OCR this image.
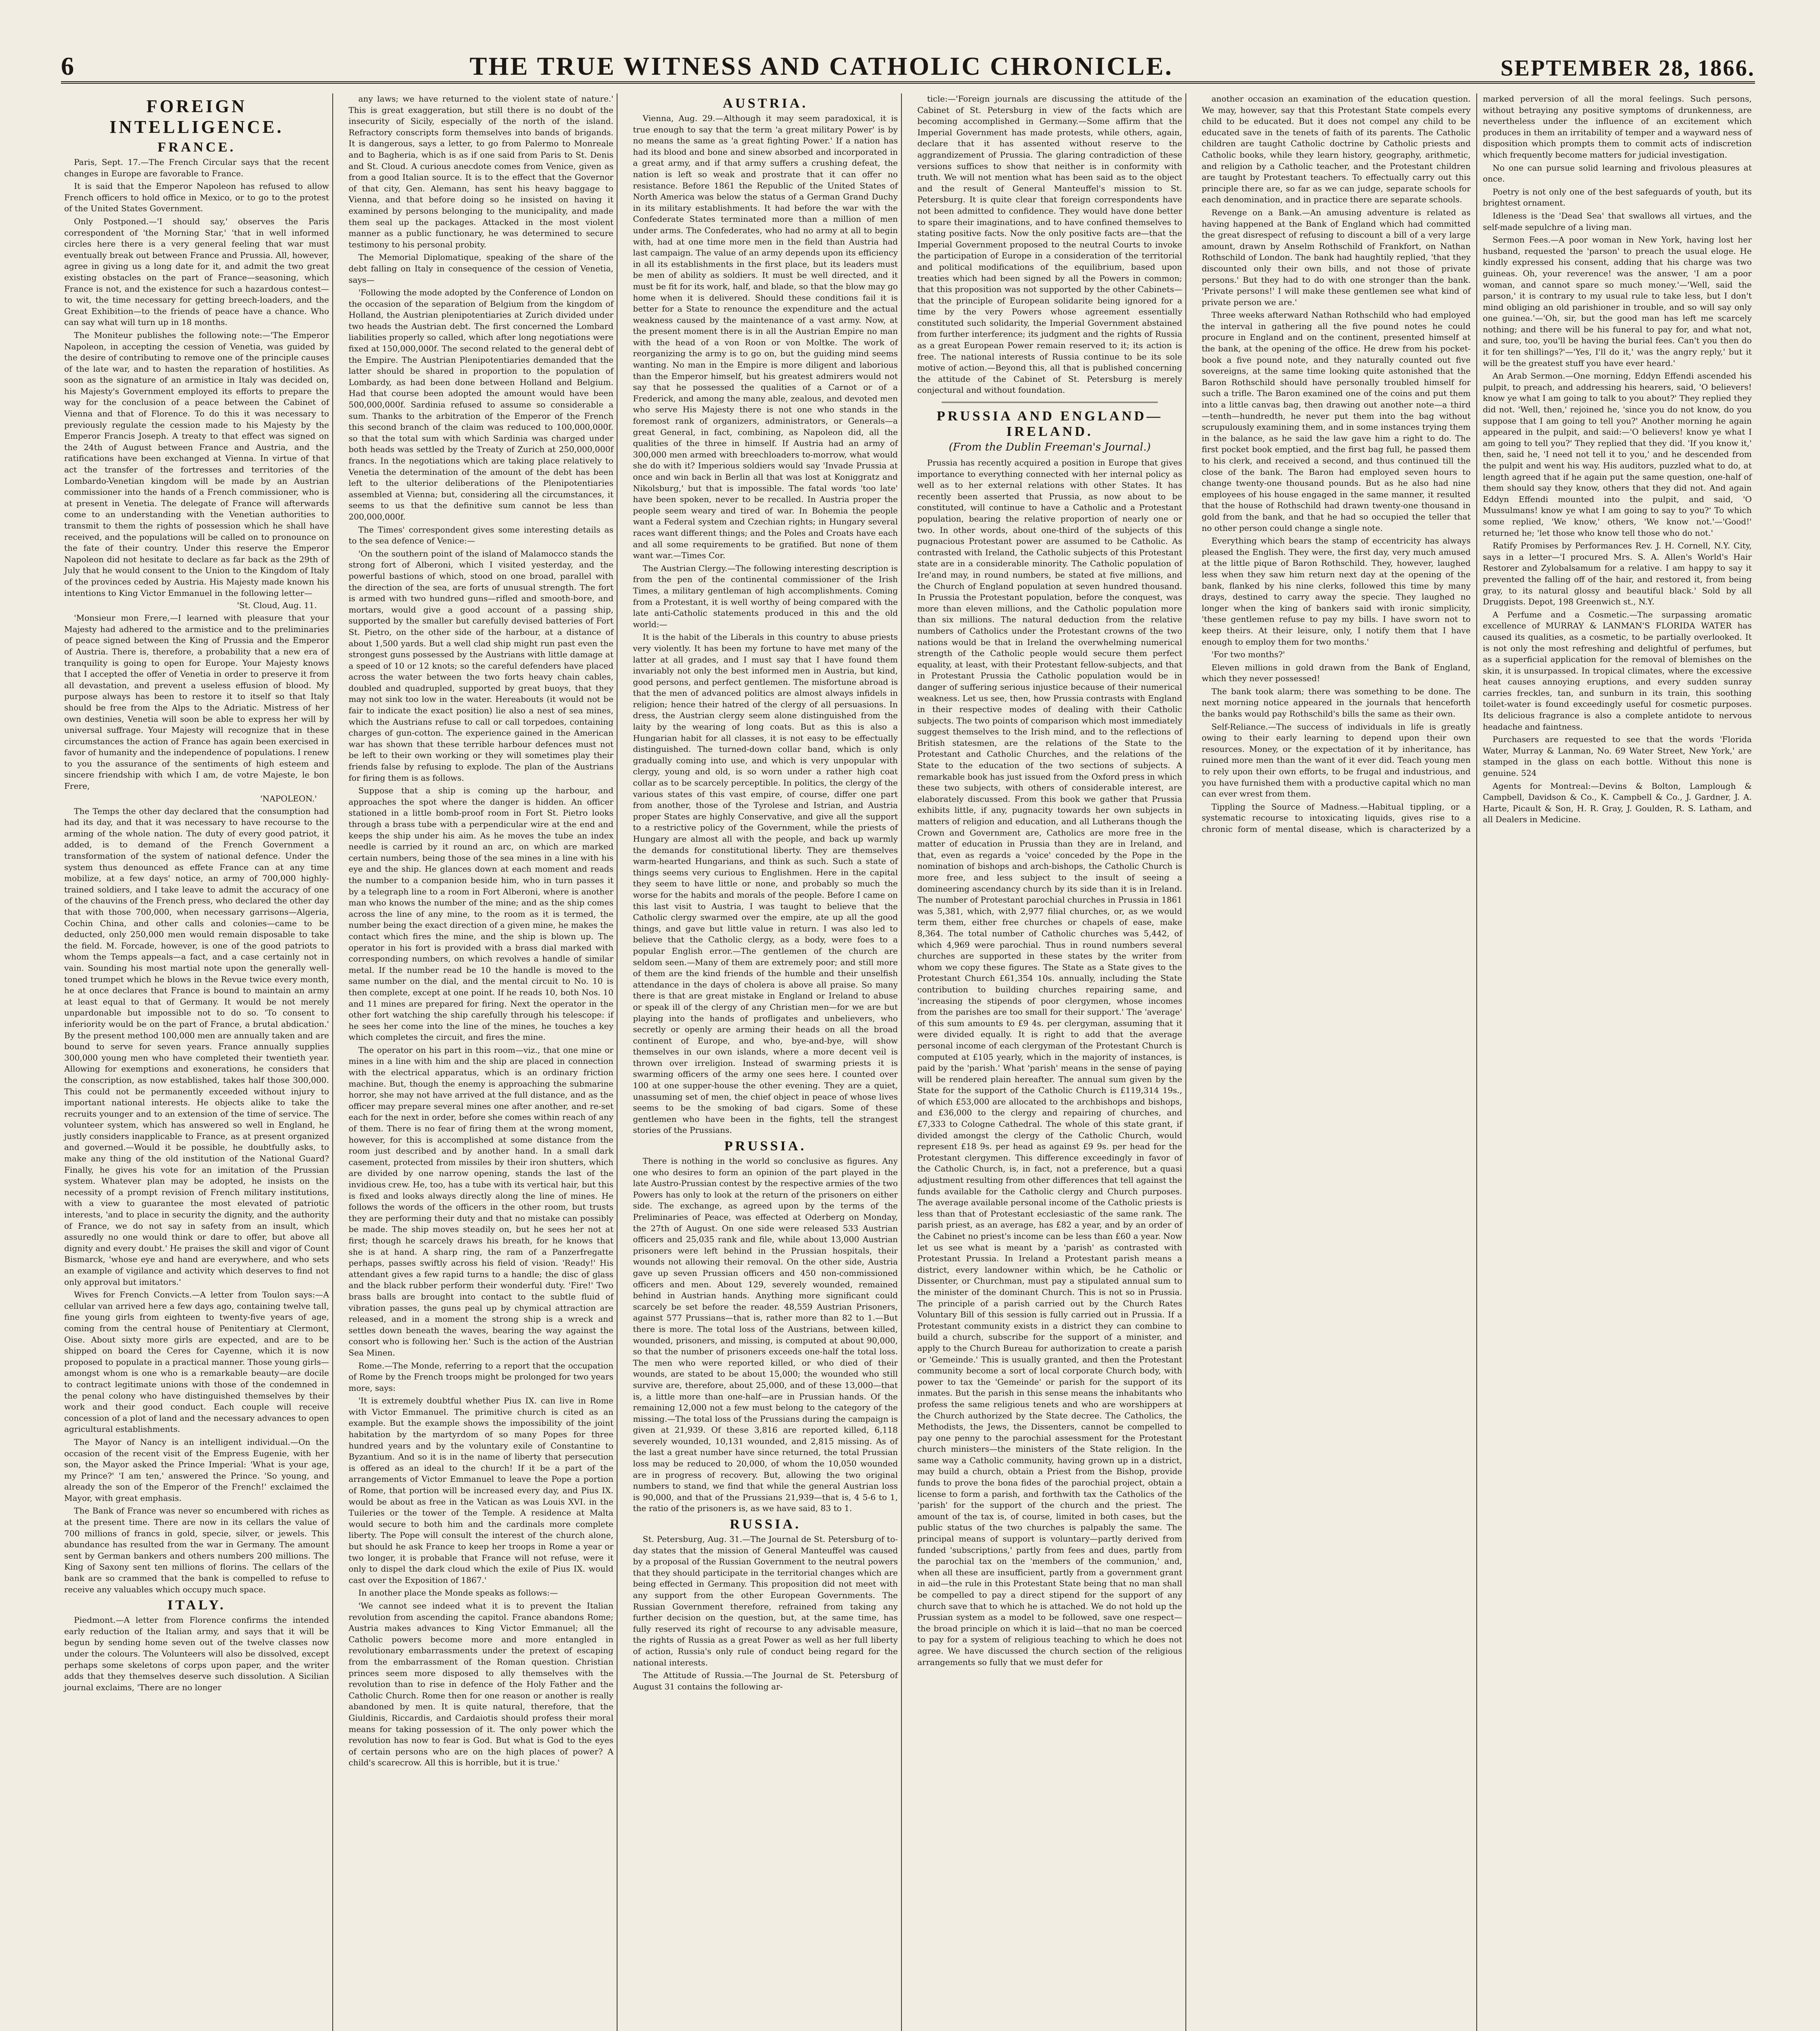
6	THE TRUE WITNESS AND CATHOLIC CHRONICLE.	SEPTEMBER 28, 1866.
FOREIGN INTELLIGENCE.
FRANCE.

Paris, Sept. 17.—The French Circular says that the recent changes in Europe are favorable to France.

It is said that the Emperor Napoleon has refused to allow French officers to hold office in Mexico, or to go to the protest of the United States Government.

Only Postponed.—'I should say,' observes the Paris correspondent of 'the Morning Star,' 'that in well informed circles here there is a very general feeling that war must eventually break out between France and Prussia. All, however, agree in giving us a long date for it, and admit the two great existing obstacles on the part of France—seasoning, which France is not, and the existence for such a hazardous contest—to wit, the time necessary for getting breech-loaders, and the Great Exhibition—to the friends of peace have a chance. Who can say what will turn up in 18 months.

The Moniteur publishes the following note:—'The Emperor Napoleon, in accepting the cession of Venetia, was guided by the desire of contributing to remove one of the principle causes of the late war, and to hasten the reparation of hostilities. As soon as the signature of an armistice in Italy was decided on, his Majesty's Government employed its efforts to prepare the way for the conclusion of a peace between the Cabinet of Vienna and that of Florence. To do this it was necessary to previously regulate the cession made to his Majesty by the Emperor Francis Joseph. A treaty to that effect was signed on the 24th of August between France and Austria, and the ratifications have been exchanged at Vienna. In virtue of that act the transfer of the fortresses and territories of the Lombardo-Venetian kingdom will be made by an Austrian commissioner into the hands of a French commissioner, who is at present in Venetia. The delegate of France will afterwards come to an understanding with the Venetian authorities to transmit to them the rights of possession which he shall have received, and the populations will be called on to pronounce on the fate of their country. Under this reserve the Emperor Napoleon did not hesitate to declare as far back as the 29th of July that he would consent to the Union to the Kingdom of Italy of the provinces ceded by Austria. His Majesty made known his intentions to King Victor Emmanuel in the following letter—

'St. Cloud, Aug. 11.

'Monsieur mon Frere,—I learned with pleasure that your Majesty had adhered to the armistice and to the preliminaries of peace signed between the King of Prussia and the Emperor of Austria. There is, therefore, a probability that a new era of tranquility is going to open for Europe. Your Majesty knows that I accepted the offer of Venetia in order to preserve it from all devastation, and prevent a useless effusion of blood. My purpose always has been to restore it to itself so that Italy should be free from the Alps to the Adriatic. Mistress of her own destinies, Venetia will soon be able to express her will by universal suffrage. Your Majesty will recognize that in these circumstances the action of France has again been exercised in favor of humanity and the independence of populations. I renew to you the assurance of the sentiments of high esteem and sincere friendship with which I am, de votre Majeste, le bon Frere,

'NAPOLEON.'

The Temps the other day declared that the consumption had had its day, and that it was necessary to have recourse to the arming of the whole nation. The duty of every good patriot, it added, is to demand of the French Government a transformation of the system of national defence. Under the system thus denounced as effete France can at any time mobilize, at a few days' notice, an army of 700,000 highly-trained soldiers, and I take leave to admit the accuracy of one of the chauvins of the French press, who declared the other day that with those 700,000, when necessary garrisons—Algeria, Cochin China, and other calls and colonies—came to be deducted, only 250,000 men would remain disposable to take the field. M. Forcade, however, is one of the good patriots to whom the Temps appeals—a fact, and a case certainly not in vain. Sounding his most martial note upon the generally well-toned trumpet which he blows in the Revue twice every month, he at once declares that France is bound to maintain an army at least equal to that of Germany. It would be not merely unpardonable but impossible not to do so. 'To consent to inferiority would be on the part of France, a brutal abdication.' By the present method 100,000 men are annually taken and are bound to serve for seven years. France annually supplies 300,000 young men who have completed their twentieth year. Allowing for exemptions and exonerations, he considers that the conscription, as now established, takes half those 300,000. This could not be permanently exceeded without injury to important national interests. He objects alike to take the recruits younger and to an extension of the time of service. The volunteer system, which has answered so well in England, he justly considers inapplicable to France, as at present organized and governed.—Would it be possible, he doubtfully asks, to make any thing of the old institution of the National Guard? Finally, he gives his vote for an imitation of the Prussian system. Whatever plan may be adopted, he insists on the necessity of a prompt revision of French military institutions, with a view to guarantee the most elevated of patriotic interests, 'and to place in security the dignity, and the authority of France, we do not say in safety from an insult, which assuredly no one would think or dare to offer, but above all dignity and every doubt.' He praises the skill and vigor of Count Bismarck, 'whose eye and hand are everywhere, and who sets an example of vigilance and activity which deserves to find not only approval but imitators.'

Wives for French Convicts.—A letter from Toulon says:—A cellular van arrived here a few days ago, containing twelve tall, fine young girls from eighteen to twenty-five years of age, coming from the central house of Penitentiary at Clermont, Oise. About sixty more girls are expected, and are to be shipped on board the Ceres for Cayenne, which it is now proposed to populate in a practical manner. Those young girls—amongst whom is one who is a remarkable beauty—are docile to contract legitimate unions with those of the condemned in the penal colony who have distinguished themselves by their work and their good conduct. Each couple will receive concession of a plot of land and the necessary advances to open agricultural establishments.

The Mayor of Nancy is an intelligent individual.—On the occasion of the recent visit of the Empress Eugenie, with her son, the Mayor asked the Prince Imperial: 'What is your age, my Prince?' 'I am ten,' answered the Prince. 'So young, and already the son of the Emperor of the French!' exclaimed the Mayor, with great emphasis.

The Bank of France was never so encumbered with riches as at the present time. There are now in its cellars the value of 700 millions of francs in gold, specie, silver, or jewels. This abundance has resulted from the war in Germany. The amount sent by German bankers and others numbers 200 millions. The King of Saxony sent ten millions of florins. The cellars of the bank are so crammed that the bank is compelled to refuse to receive any valuables which occupy much space.

ITALY.

Piedmont.—A letter from Florence confirms the intended early reduction of the Italian army, and says that it will be begun by sending home seven out of the twelve classes now under the colours. The Volunteers will also be dissolved, except perhaps some skeletons of corps upon paper, and the writer adds that they themselves deserve such dissolution. A Sicilian journal exclaims, 'There are no longer

any laws; we have returned to the violent state of nature.' This is great exaggeration, but still there is no doubt of the insecurity of Sicily, especially of the north of the island. Refractory conscripts form themselves into bands of brigands. It is dangerous, says a letter, to go from Palermo to Monreale and to Bagheria, which is as if one said from Paris to St. Denis and St. Cloud. A curious anecdote comes from Venice, given as from a good Italian source. It is to the effect that the Governor of that city, Gen. Alemann, has sent his heavy baggage to Vienna, and that before doing so he insisted on having it examined by persons belonging to the municipality, and made them seal up the packages. Attacked in the most violent manner as a public functionary, he was determined to secure testimony to his personal probity.

The Memorial Diplomatique, speaking of the share of the debt falling on Italy in consequence of the cession of Venetia, says—

'Following the mode adopted by the Conference of London on the occasion of the separation of Belgium from the kingdom of Holland, the Austrian plenipotentiaries at Zurich divided under two heads the Austrian debt. The first concerned the Lombard liabilities properly so called, which after long negotiations were fixed at 150,000,000f. The second related to the general debt of the Empire. The Austrian Plenipotentiaries demanded that the latter should be shared in proportion to the population of Lombardy, as had been done between Holland and Belgium. Had that course been adopted the amount would have been 500,000,000f. Sardinia refused to assume so considerable a sum. Thanks to the arbitration of the Emperor of the French this second branch of the claim was reduced to 100,000,000f. so that the total sum with which Sardinia was charged under both heads was settled by the Treaty of Zurich at 250,000,000f francs. In the negotiations which are taking place relatively to Venetia the determination of the amount of the debt has been left to the ulterior deliberations of the Plenipotentiaries assembled at Vienna; but, considering all the circumstances, it seems to us that the definitive sum cannot be less than 200,000,000f.

The Times' correspondent gives some interesting details as to the sea defence of Venice:—

'On the southern point of the island of Malamocco stands the strong fort of Alberoni, which I visited yesterday, and the powerful bastions of which, stood on one broad, parallel with the direction of the sea, are forts of unusual strength. The fort is armed with two hundred guns—rifled and smooth-bore, and mortars, would give a good account of a passing ship, supported by the smaller but carefully devised batteries of Fort St. Pietro, on the other side of the harbour, at a distance of about 1,500 yards. But a well clad ship might run past even the strongest guns possessed by the Austrians with little damage at a speed of 10 or 12 knots; so the careful defenders have placed across the water between the two forts heavy chain cables, doubled and quadrupled, supported by great buoys, that they may not sink too low in the water. Hereabouts (it would not be fair to indicate the exact position) lie also a nest of sea mines, which the Austrians refuse to call or call torpedoes, containing charges of gun-cotton. The experience gained in the American war has shown that these terrible harbour defences must not be left to their own working or they will sometimes play their friends false by refusing to explode. The plan of the Austrians for firing them is as follows.

Suppose that a ship is coming up the harbour, and approaches the spot where the danger is hidden. An officer stationed in a little bomb-proof room in Fort St. Pietro looks through a brass tube with a perpendicular wire at the end and keeps the ship under his aim. As he moves the tube an index needle is carried by it round an arc, on which are marked certain numbers, being those of the sea mines in a line with his eye and the ship. He glances down at each moment and reads the number to a companion beside him, who in turn passes it by a telegraph line to a room in Fort Alberoni, where is another man who knows the number of the mine; and as the ship comes across the line of any mine, to the room as it is termed, the number being the exact direction of a given mine, he makes the contact which fires the mine, and the ship is blown up. The operator in his fort is provided with a brass dial marked with corresponding numbers, on which revolves a handle of similar metal. If the number read be 10 the handle is moved to the same number on the dial, and the mental circuit to No. 10 is then complete, except at one point. If he reads 10, both Nos. 10 and 11 mines are prepared for firing. Next the operator in the other fort watching the ship carefully through his telescope: if he sees her come into the line of the mines, he touches a key which completes the circuit, and fires the mine.

The operator on his part in this room—viz., that one mine or mines in a line with him and the ship are placed in connection with the electrical apparatus, which is an ordinary friction machine. But, though the enemy is approaching the submarine horror, she may not have arrived at the full distance, and as the officer may prepare several mines one after another, and re-set each for the next in order, before she comes within reach of any of them. There is no fear of firing them at the wrong moment, however, for this is accomplished at some distance from the room just described and by another hand. In a small dark casement, protected from missiles by their iron shutters, which are divided by one narrow opening, stands the last of the invidious crew. He, too, has a tube with its vertical hair, but this is fixed and looks always directly along the line of mines. He follows the words of the officers in the other room, but trusts they are performing their duty and that no mistake can possibly be made. The ship moves steadily on, but he sees her not at first; though he scarcely draws his breath, for he knows that she is at hand. A sharp ring, the ram of a Panzerfregatte perhaps, passes swiftly across his field of vision. 'Ready!' His attendant gives a few rapid turns to a handle; the disc of glass and the black rubber perform their wonderful duty. 'Fire!' Two brass balls are brought into contact to the subtle fluid of vibration passes, the guns peal up by chymical attraction are released, and in a moment the strong ship is a wreck and settles down beneath the waves, bearing the way against the consort who is following her.' Such is the action of the Austrian Sea Minen.

Rome.—The Monde, referring to a report that the occupation of Rome by the French troops might be prolonged for two years more, says:

'It is extremely doubtful whether Pius IX. can live in Rome with Victor Emmanuel. The primitive church is cited as an example. But the example shows the impossibility of the joint habitation by the martyrdom of so many Popes for three hundred years and by the voluntary exile of Constantine to Byzantium. And so it is in the name of liberty that persecution is offered as an ideal to the church! If it be a part of the arrangements of Victor Emmanuel to leave the Pope a portion of Rome, that portion will be increased every day, and Pius IX. would be about as free in the Vatican as was Louis XVI. in the Tuileries or the tower of the Temple. A residence at Malta would secure to both him and the cardinals more complete liberty. The Pope will consult the interest of the church alone, but should he ask France to keep her troops in Rome a year or two longer, it is probable that France will not refuse, were it only to dispel the dark cloud which the exile of Pius IX. would cast over the Exposition of 1867.'

In another place the Monde speaks as follows:—

'We cannot see indeed what it is to prevent the Italian revolution from ascending the capitol. France abandons Rome; Austria makes advances to King Victor Emmanuel; all the Catholic powers become more and more entangled in revolutionary embarrassments under the pretext of escaping from the embarrassment of the Roman question. Christian princes seem more disposed to ally themselves with the revolution than to rise in defence of the Holy Father and the Catholic Church. Rome then for one reason or another is really abandoned by men. It is quite natural, therefore, that the Giuldinis, Riccardis, and Cardaiotis should profess their moral means for taking possession of it. The only power which the revolution has now to fear is God. But what is God to the eyes of certain persons who are on the high places of power? A child's scarecrow. All this is horrible, but it is true.'

AUSTRIA.

Vienna, Aug. 29.—Although it may seem paradoxical, it is true enough to say that the term 'a great military Power' is by no means the same as 'a great fighting Power.' If a nation has had its blood and bone and sinew absorbed and incorporated in a great army, and if that army suffers a crushing defeat, the nation is left so weak and prostrate that it can offer no resistance. Before 1861 the Republic of the United States of North America was below the status of a German Grand Duchy in its military establishments. It had before the war with the Confederate States terminated more than a million of men under arms. The Confederates, who had no army at all to begin with, had at one time more men in the field than Austria had last campaign. The value of an army depends upon its efficiency in all its establishments in the first place, but its leaders must be men of ability as soldiers. It must be well directed, and it must be fit for its work, half, and blade, so that the blow may go home when it is delivered. Should these conditions fail it is better for a State to renounce the expenditure and the actual weakness caused by the maintenance of a vast army. Now, at the present moment there is in all the Austrian Empire no man with the head of a von Roon or von Moltke. The work of reorganizing the army is to go on, but the guiding mind seems wanting. No man in the Empire is more diligent and laborious than the Emperor himself, but his greatest admirers would not say that he possessed the qualities of a Carnot or of a Frederick, and among the many able, zealous, and devoted men who serve His Majesty there is not one who stands in the foremost rank of organizers, administrators, or Generals—a great General, in fact, combining, as Napoleon did, all the qualities of the three in himself. If Austria had an army of 300,000 men armed with breechloaders to-morrow, what would she do with it? Imperious soldiers would say 'Invade Prussia at once and win back in Berlin all that was lost at Koniggratz and Nikolsburg,' but that is impossible. The fatal words 'too late' have been spoken, never to be recalled. In Austria proper the people seem weary and tired of war. In Bohemia the people want a Federal system and Czechian rights; in Hungary several races want different things; and the Poles and Croats have each and all some requirements to be gratified. But none of them want war.—Times Cor.

The Austrian Clergy.—The following interesting description is from the pen of the continental commissioner of the Irish Times, a military gentleman of high accomplishments. Coming from a Protestant, it is well worthy of being compared with the late anti-Catholic statements produced in this and the old world:—

It is the habit of the Liberals in this country to abuse priests very violently. It has been my fortune to have met many of the latter at all grades, and I must say that I have found them invariably not only the best informed men in Austria, but kind, good persons, and perfect gentlemen. The misfortune abroad is that the men of advanced politics are almost always infidels in religion; hence their hatred of the clergy of all persuasions. In dress, the Austrian clergy seem alone distinguished from the laity by the wearing of long coats. But as this is also a Hungarian habit for all classes, it is not easy to be effectually distinguished. The turned-down collar band, which is only gradually coming into use, and which is very unpopular with clergy, young and old, is so worn under a rather high coat collar as to be scarcely perceptible. In politics, the clergy of the various states of this vast empire, of course, differ one part from another, those of the Tyrolese and Istrian, and Austria proper States are highly Conservative, and give all the support to a restrictive policy of the Government, while the priests of Hungary are almost all with the people, and back up warmly the demands for constitutional liberty. They are themselves warm-hearted Hungarians, and think as such. Such a state of things seems very curious to Englishmen. Here in the capital they seem to have little or none, and probably so much the worse for the habits and morals of the people. Before I came on this last visit to Austria, I was taught to believe that the Catholic clergy swarmed over the empire, ate up all the good things, and gave but little value in return. I was also led to believe that the Catholic clergy, as a body, were foes to a popular English error.—The gentlemen of the church are seldom seen.—Many of them are extremely poor; and still more of them are the kind friends of the humble and their unselfish attendance in the days of cholera is above all praise. So many there is that are great mistake in England or Ireland to abuse or speak ill of the clergy of any Christian men—for we are but playing into the hands of profligates and unbelievers, who secretly or openly are arming their heads on all the broad continent of Europe, and who, bye-and-bye, will show themselves in our own islands, where a more decent veil is thrown over irreligion. Instead of swarming priests it is swarming officers of the army one sees here. I counted over 100 at one supper-house the other evening. They are a quiet, unassuming set of men, the chief object in peace of whose lives seems to be the smoking of bad cigars. Some of these gentlemen who have been in the fights, tell the strangest stories of the Prussians.

PRUSSIA.

There is nothing in the world so conclusive as figures. Any one who desires to form an opinion of the part played in the late Austro-Prussian contest by the respective armies of the two Powers has only to look at the return of the prisoners on either side. The exchange, as agreed upon by the terms of the Preliminaries of Peace, was effected at Oderberg on Monday, the 27th of August. On one side were released 533 Austrian officers and 25,035 rank and file, while about 13,000 Austrian prisoners were left behind in the Prussian hospitals, their wounds not allowing their removal. On the other side, Austria gave up seven Prussian officers and 450 non-commissioned officers and men. About 129, severely wounded, remained behind in Austrian hands. Anything more significant could scarcely be set before the reader. 48,559 Austrian Prisoners, against 577 Prussians—that is, rather more than 82 to 1.—But there is more. The total loss of the Austrians, between killed, wounded, prisoners, and missing, is computed at about 90,000, so that the number of prisoners exceeds one-half the total loss. The men who were reported killed, or who died of their wounds, are stated to be about 15,000; the wounded who still survive are, therefore, about 25,000, and of these 13,000—that is, a little more than one-half—are in Prussian hands. Of the remaining 12,000 not a few must belong to the category of the missing.—The total loss of the Prussians during the campaign is given at 21,939. Of these 3,816 are reported killed, 6,118 severely wounded, 10,131 wounded, and 2,815 missing. As of the last a great number have since returned, the total Prussian loss may be reduced to 20,000, of whom the 10,050 wounded are in progress of recovery. But, allowing the two original numbers to stand, we find that while the general Austrian loss is 90,000, and that of the Prussians 21,939—that is, 4 5-6 to 1, the ratio of the prisoners is, as we have said, 83 to 1.

RUSSIA.

St. Petersburg, Aug. 31.—The Journal de St. Petersburg of to-day states that the mission of General Manteuffel was caused by a proposal of the Russian Government to the neutral powers that they should participate in the territorial changes which are being effected in Germany. This proposition did not meet with any support from the other European Governments. The Russian Government therefore, refrained from taking any further decision on the question, but, at the same time, has fully reserved its right of recourse to any advisable measure, the rights of Russia as a great Power as well as her full liberty of action, Russia's only rule of conduct being regard for the national interests.

The Attitude of Russia.—The Journal de St. Petersburg of August 31 contains the following ar-

ticle:—'Foreign journals are discussing the attitude of the Cabinet of St. Petersburg in view of the facts which are becoming accomplished in Germany.—Some affirm that the Imperial Government has made protests, while others, again, declare that it has assented without reserve to the aggrandizement of Prussia. The glaring contradiction of these versions suffices to show that neither is in conformity with truth. We will not mention what has been said as to the object and the result of General Manteuffel's mission to St. Petersburg. It is quite clear that foreign correspondents have not been admitted to confidence. They would have done better to spare their imaginations, and to have confined themselves to stating positive facts. Now the only positive facts are—that the Imperial Government proposed to the neutral Courts to invoke the participation of Europe in a consideration of the territorial and political modifications of the equilibrium, based upon treaties which had been signed by all the Powers in common; that this proposition was not supported by the other Cabinets—that the principle of European solidarite being ignored for a time by the very Powers whose agreement essentially constituted such solidarity, the Imperial Government abstained from further interference; its judgment and the rights of Russia as a great European Power remain reserved to it; its action is free. The national interests of Russia continue to be its sole motive of action.—Beyond this, all that is published concerning the attitude of the Cabinet of St. Petersburg is merely conjectural and without foundation.

PRUSSIA AND ENGLAND—IRELAND.
(From the Dublin Freeman's Journal.)

Prussia has recently acquired a position in Europe that gives importance to everything connected with her internal policy as well as to her external relations with other States. It has recently been asserted that Prussia, as now about to be constituted, will continue to have a Catholic and a Protestant population, bearing the relative proportion of nearly one or two. In other words, about one-third of the subjects of this pugnacious Protestant power are assumed to be Catholic. As contrasted with Ireland, the Catholic subjects of this Protestant state are in a considerable minority. The Catholic population of Ire'and may, in round numbers, be stated at five millions, and the Church of England population at seven hundred thousand. In Prussia the Protestant population, before the conquest, was more than eleven millions, and the Catholic population more than six millions. The natural deduction from the relative numbers of Catholics under the Protestant crowns of the two nations would be that in Ireland the overwhelming numerical strength of the Catholic people would secure them perfect equality, at least, with their Protestant fellow-subjects, and that in Protestant Prussia the Catholic population would be in danger of suffering serious injustice because of their numerical weakness. Let us see, then, how Prussia contrasts with England in their respective modes of dealing with their Catholic subjects. The two points of comparison which most immediately suggest themselves to the Irish mind, and to the reflections of British statesmen, are the relations of the State to the Protestant and Catholic Churches, and the relations of the State to the education of the two sections of subjects. A remarkable book has just issued from the Oxford press in which these two subjects, with others of considerable interest, are elaborately discussed. From this book we gather that Prussia exhibits little, if any, pugnacity towards her own subjects in matters of religion and education, and all Lutherans though the Crown and Government are, Catholics are more free in the matter of education in Prussia than they are in Ireland, and that, even as regards a 'voice' conceded by the Pope in the nomination of bishops and arch-bishops, the Catholic Church is more free, and less subject to the insult of seeing a domineering ascendancy church by its side than it is in Ireland. The number of Protestant parochial churches in Prussia in 1861 was 5,381, which, with 2,977 filial churches, or, as we would term them, either free churches or chapels of ease, make 8,364. The total number of Catholic churches was 5,442, of which 4,969 were parochial. Thus in round numbers several churches are supported in these states by the writer from whom we copy these figures. The State as a State gives to the Protestant Church £61,354 10s. annually, including the State contribution to building churches repairing same, and 'increasing the stipends of poor clergymen, whose incomes from the parishes are too small for their support.' The 'average' of this sum amounts to £9 4s. per clergyman, assuming that it were divided equally. It is right to add that the average personal income of each clergyman of the Protestant Church is computed at £105 yearly, which in the majority of instances, is paid by the 'parish.' What 'parish' means in the sense of paying will be rendered plain hereafter. The annual sum given by the State for the support of the Catholic Church is £119,314 19s., of which £53,000 are allocated to the archbishops and bishops, and £36,000 to the clergy and repairing of churches, and £7,333 to Cologne Cathedral. The whole of this state grant, if divided amongst the clergy of the Catholic Church, would represent £18 9s. per head as against £9 9s. per head for the Protestant clergymen. This difference exceedingly in favor of the Catholic Church, is, in fact, not a preference, but a quasi adjustment resulting from other differences that tell against the funds available for the Catholic clergy and Church purposes. The average available personal income of the Catholic priests is less than that of Protestant ecclesiastic of the same rank. The parish priest, as an average, has £82 a year, and by an order of the Cabinet no priest's income can be less than £60 a year. Now let us see what is meant by a 'parish' as contrasted with Protestant Prussia. In Ireland a Protestant parish means a district, every landowner within which, be he Catholic or Dissenter, or Churchman, must pay a stipulated annual sum to the minister of the dominant Church. This is not so in Prussia. The principle of a parish carried out by the Church Rates Voluntary Bill of this session is fully carried out in Prussia. If a Protestant community exists in a district they can combine to build a church, subscribe for the support of a minister, and apply to the Church Bureau for authorization to create a parish or 'Gemeinde.' This is usually granted, and then the Protestant community become a sort of local corporate Church body, with power to tax the 'Gemeinde' or parish for the support of its inmates. But the parish in this sense means the inhabitants who profess the same religious tenets and who are worshippers at the Church authorized by the State decree. The Catholics, the Methodists, the Jews, the Dissenters, cannot be compelled to pay one penny to the parochial assessment for the Protestant church ministers—the ministers of the State religion. In the same way a Catholic community, having grown up in a district, may build a church, obtain a Priest from the Bishop, provide funds to prove the bona fides of the parochial project, obtain a license to form a parish, and forthwith tax the Catholics of the 'parish' for the support of the church and the priest. The amount of the tax is, of course, limited in both cases, but the public status of the two churches is palpably the same. The principal means of support is voluntary—partly derived from funded 'subscriptions,' partly from fees and dues, partly from the parochial tax on the 'members of the communion,' and, when all these are insufficient, partly from a government grant in aid—the rule in this Protestant State being that no man shall be compelled to pay a direct stipend for the support of any church save that to which he is attached. We do not hold up the Prussian system as a model to be followed, save one respect—the broad principle on which it is laid—that no man be coerced to pay for a system of religious teaching to which he does not agree. We have discussed the church section of the religious arrangements so fully that we must defer for

another occasion an examination of the education question. We may, however, say that this Protestant State compels every child to be educated. But it does not compel any child to be educated save in the tenets of faith of its parents. The Catholic children are taught Catholic doctrine by Catholic priests and Catholic books, while they learn history, geography, arithmetic, and religion by a Catholic teacher, and the Protestant children are taught by Protestant teachers. To effectually carry out this principle there are, so far as we can judge, separate schools for each denomination, and in practice there are separate schools.

Revenge on a Bank.—An amusing adventure is related as having happened at the Bank of England which had committed the great disrespect of refusing to discount a bill of a very large amount, drawn by Anselm Rothschild of Frankfort, on Nathan Rothschild of London. The bank had haughtily replied, 'that they discounted only their own bills, and not those of private persons.' But they had to do with one stronger than the bank. 'Private persons!' I will make these gentlemen see what kind of private person we are.'

Three weeks afterward Nathan Rothschild who had employed the interval in gathering all the five pound notes he could procure in England and on the continent, presented himself at the bank, at the opening of the office. He drew from his pocket-book a five pound note, and they naturally counted out five sovereigns, at the same time looking quite astonished that the Baron Rothschild should have personally troubled himself for such a trifle. The Baron examined one of the coins and put them into a little canvas bag, then drawing out another note—a third—tenth—hundredth, he never put them into the bag without scrupulously examining them, and in some instances trying them in the balance, as he said the law gave him a right to do. The first pocket book emptied, and the first bag full, he passed them to his clerk, and received a second, and thus continued till the close of the bank. The Baron had employed seven hours to change twenty-one thousand pounds. But as he also had nine employees of his house engaged in the same manner, it resulted that the house of Rothschild had drawn twenty-one thousand in gold from the bank, and that he had so occupied the teller that no other person could change a single note.

Everything which bears the stamp of eccentricity has always pleased the English. They were, the first day, very much amused at the little pique of Baron Rothschild. They, however, laughed less when they saw him return next day at the opening of the bank, flanked by his nine clerks, followed this time by many drays, destined to carry away the specie. They laughed no longer when the king of bankers said with ironic simplicity, 'these gentlemen refuse to pay my bills. I have sworn not to keep theirs. At their leisure, only, I notify them that I have enough to employ them for two months.'

'For two months?'

Eleven millions in gold drawn from the Bank of England, which they never possessed!

The bank took alarm; there was something to be done. The next morning notice appeared in the journals that henceforth the banks would pay Rothschild's bills the same as their own.

Self-Reliance.—The success of individuals in life is greatly owing to their early learning to depend upon their own resources. Money, or the expectation of it by inheritance, has ruined more men than the want of it ever did. Teach young men to rely upon their own efforts, to be frugal and industrious, and you have furnished them with a productive capital which no man can ever wrest from them.

Tippling the Source of Madness.—Habitual tippling, or a systematic recourse to intoxicating liquids, gives rise to a chronic form of mental disease, which is characterized by a marked perversion of all the moral feelings. Such persons, without betraying any positive symptoms of drunkenness, are nevertheless under the influence of an excitement which produces in them an irritability of temper and a wayward ness of disposition which prompts them to commit acts of indiscretion which frequently become matters for judicial investigation.

No one can pursue solid learning and frivolous pleasures at once.

Poetry is not only one of the best safeguards of youth, but its brightest ornament.

Idleness is the 'Dead Sea' that swallows all virtues, and the self-made sepulchre of a living man.

Sermon Fees.—A poor woman in New York, having lost her husband, requested the 'parson' to preach the usual eloge. He kindly expressed his consent, adding that his charge was two guineas. Oh, your reverence! was the answer, 'I am a poor woman, and cannot spare so much money.'—'Well, said the parson,' it is contrary to my usual rule to take less, but I don't mind obliging an old parishioner in trouble, and so will say only one guinea.'—'Oh, sir, but the good man has left me scarcely nothing; and there will be his funeral to pay for, and what not, and sure, too, you'll be having the burial fees. Can't you then do it for ten shillings?'—'Yes, I'll do it,' was the angry reply,' but it will be the greatest stuff you have ever heard.'

An Arab Sermon.—One morning, Eddyn Effendi ascended his pulpit, to preach, and addressing his hearers, said, 'O believers! know ye what I am going to talk to you about?' They replied they did not. 'Well, then,' rejoined he, 'since you do not know, do you suppose that I am going to tell you?' Another morning he again appeared in the pulpit, and said:—'O believers! know ye what I am going to tell you?' They replied that they did. 'If you know it,' then, said he, 'I need not tell it to you,' and he descended from the pulpit and went his way. His auditors, puzzled what to do, at length agreed that if he again put the same question, one-half of them should say they know, others that they did not. And again Eddyn Effendi mounted into the pulpit, and said, 'O Mussulmans! know ye what I am going to say to you?' To which some replied, 'We know,' others, 'We know not.'—'Good!' returned he; 'let those who know tell those who do not.'

Ratify Promises by Performances Rev. J. H. Cornell, N.Y. City, says in a letter—'I procured Mrs. S. A. Allen's World's Hair Restorer and Zylobalsamum for a relative. I am happy to say it prevented the falling off of the hair, and restored it, from being gray, to its natural glossy and beautiful black.' Sold by all Druggists. Depot, 198 Greenwich st., N.Y.

A Perfume and a Cosmetic.—The surpassing aromatic excellence of MURRAY & LANMAN'S FLORIDA WATER has caused its qualities, as a cosmetic, to be partially overlooked. It is not only the most refreshing and delightful of perfumes, but as a superficial application for the removal of blemishes on the skin, it is unsurpassed. In tropical climates, where the excessive heat causes annoying eruptions, and every sudden sunray carries freckles, tan, and sunburn in its train, this soothing toilet-water is found exceedingly useful for cosmetic purposes. Its delicious fragrance is also a complete antidote to nervous headache and faintness.

Purchasers are requested to see that the words 'Florida Water, Murray & Lanman, No. 69 Water Street, New York,' are stamped in the glass on each bottle. Without this none is genuine. 524

Agents for Montreal:—Devins & Bolton, Lamplough & Campbell, Davidson & Co., K. Campbell & Co., J. Gardner, J. A. Harte, Picault & Son, H. R. Gray, J. Goulden, R. S. Latham, and all Dealers in Medicine.
